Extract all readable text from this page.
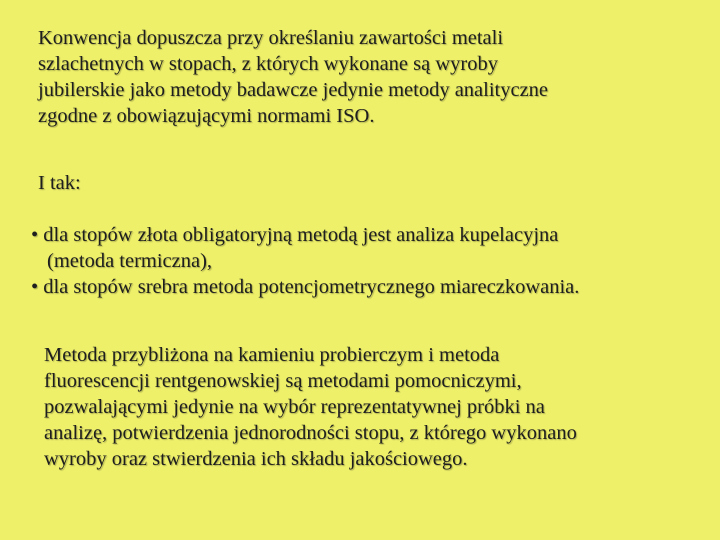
Konwencja dopuszcza przy określaniu zawartości metali
szlachetnych w stopach, z których wykonane są wyroby
jubilerskie jako metody badawcze jedynie metody analityczne
zgodne z obowiązującymi normami ISO.
I tak:
• dla stopów złota obligatoryjną metodą jest analiza kupelacyjna
(metoda termiczna),
• dla stopów srebra metoda potencjometrycznego miareczkowania.
Metoda przybliżona na kamieniu probierczym i metoda
fluorescencji rentgenowskiej są metodami pomocniczymi,
pozwalającymi jedynie na wybór reprezentatywnej próbki na
analizę, potwierdzenia jednorodności stopu, z którego wykonano
wyroby oraz stwierdzenia ich składu jakościowego.
